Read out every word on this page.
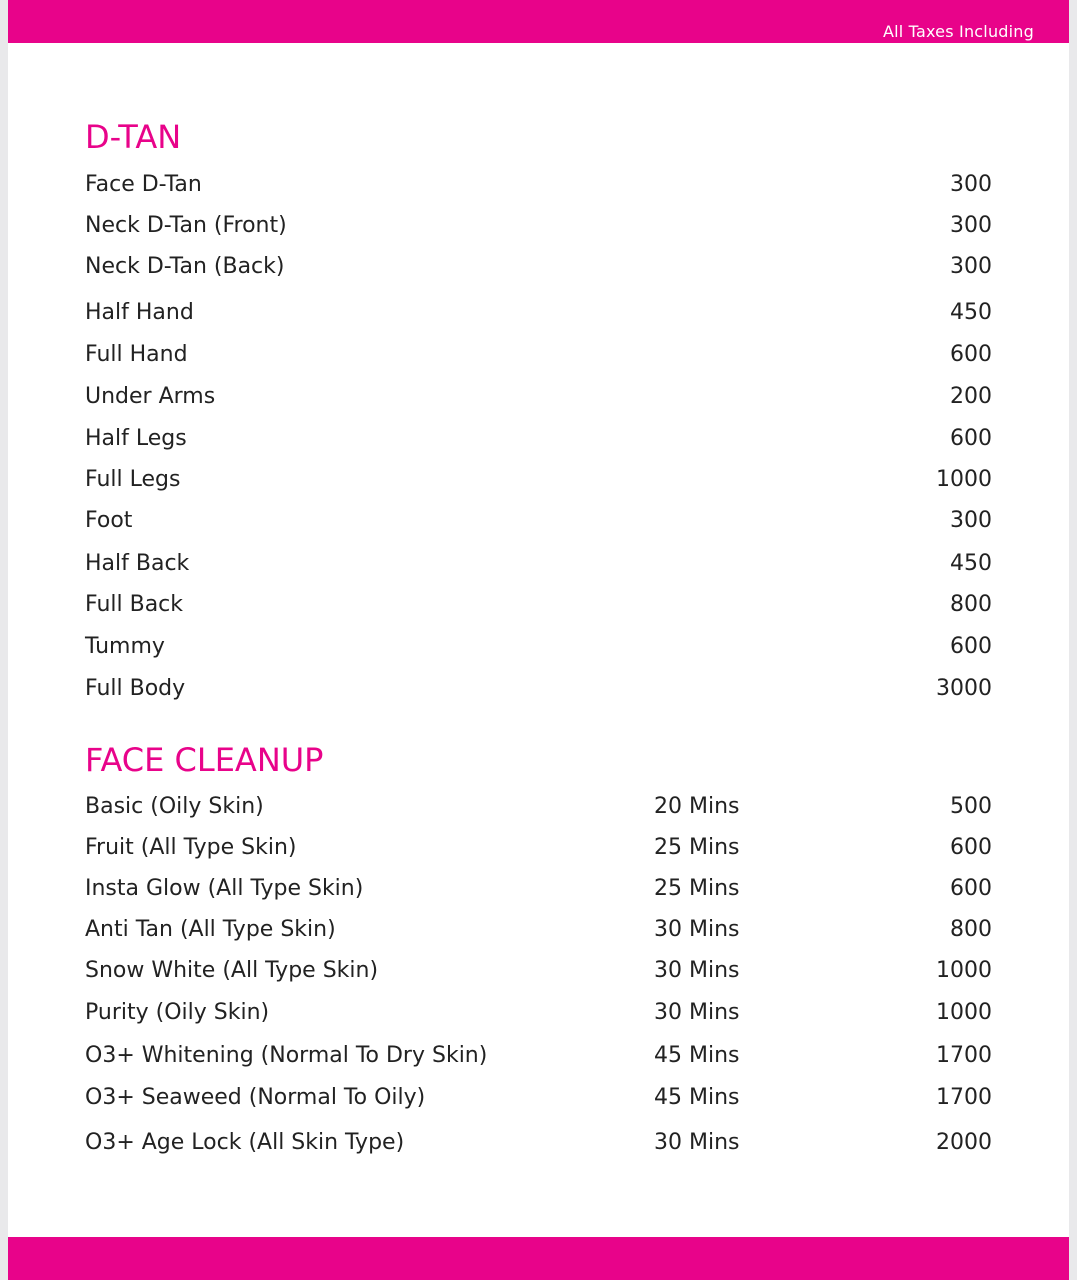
All Taxes Including
D-TAN
Face D-Tan	300
Neck D-Tan (Front)	300
Neck D-Tan (Back)	300
Half Hand	450
Full Hand	600
Under Arms	200
Half Legs	600
Full Legs	1000
Foot	300
Half Back	450
Full Back	800
Tummy	600
Full Body	3000
FACE CLEANUP
Basic (Oily Skin)	20 Mins	500
Fruit (All Type Skin)	25 Mins	600
Insta Glow (All Type Skin)	25 Mins	600
Anti Tan (All Type Skin)	30 Mins	800
Snow White (All Type Skin)	30 Mins	1000
Purity (Oily Skin)	30 Mins	1000
O3+ Whitening (Normal To Dry Skin)	45 Mins	1700
O3+ Seaweed (Normal To Oily)	45 Mins	1700
O3+ Age Lock (All Skin Type)	30 Mins	2000
